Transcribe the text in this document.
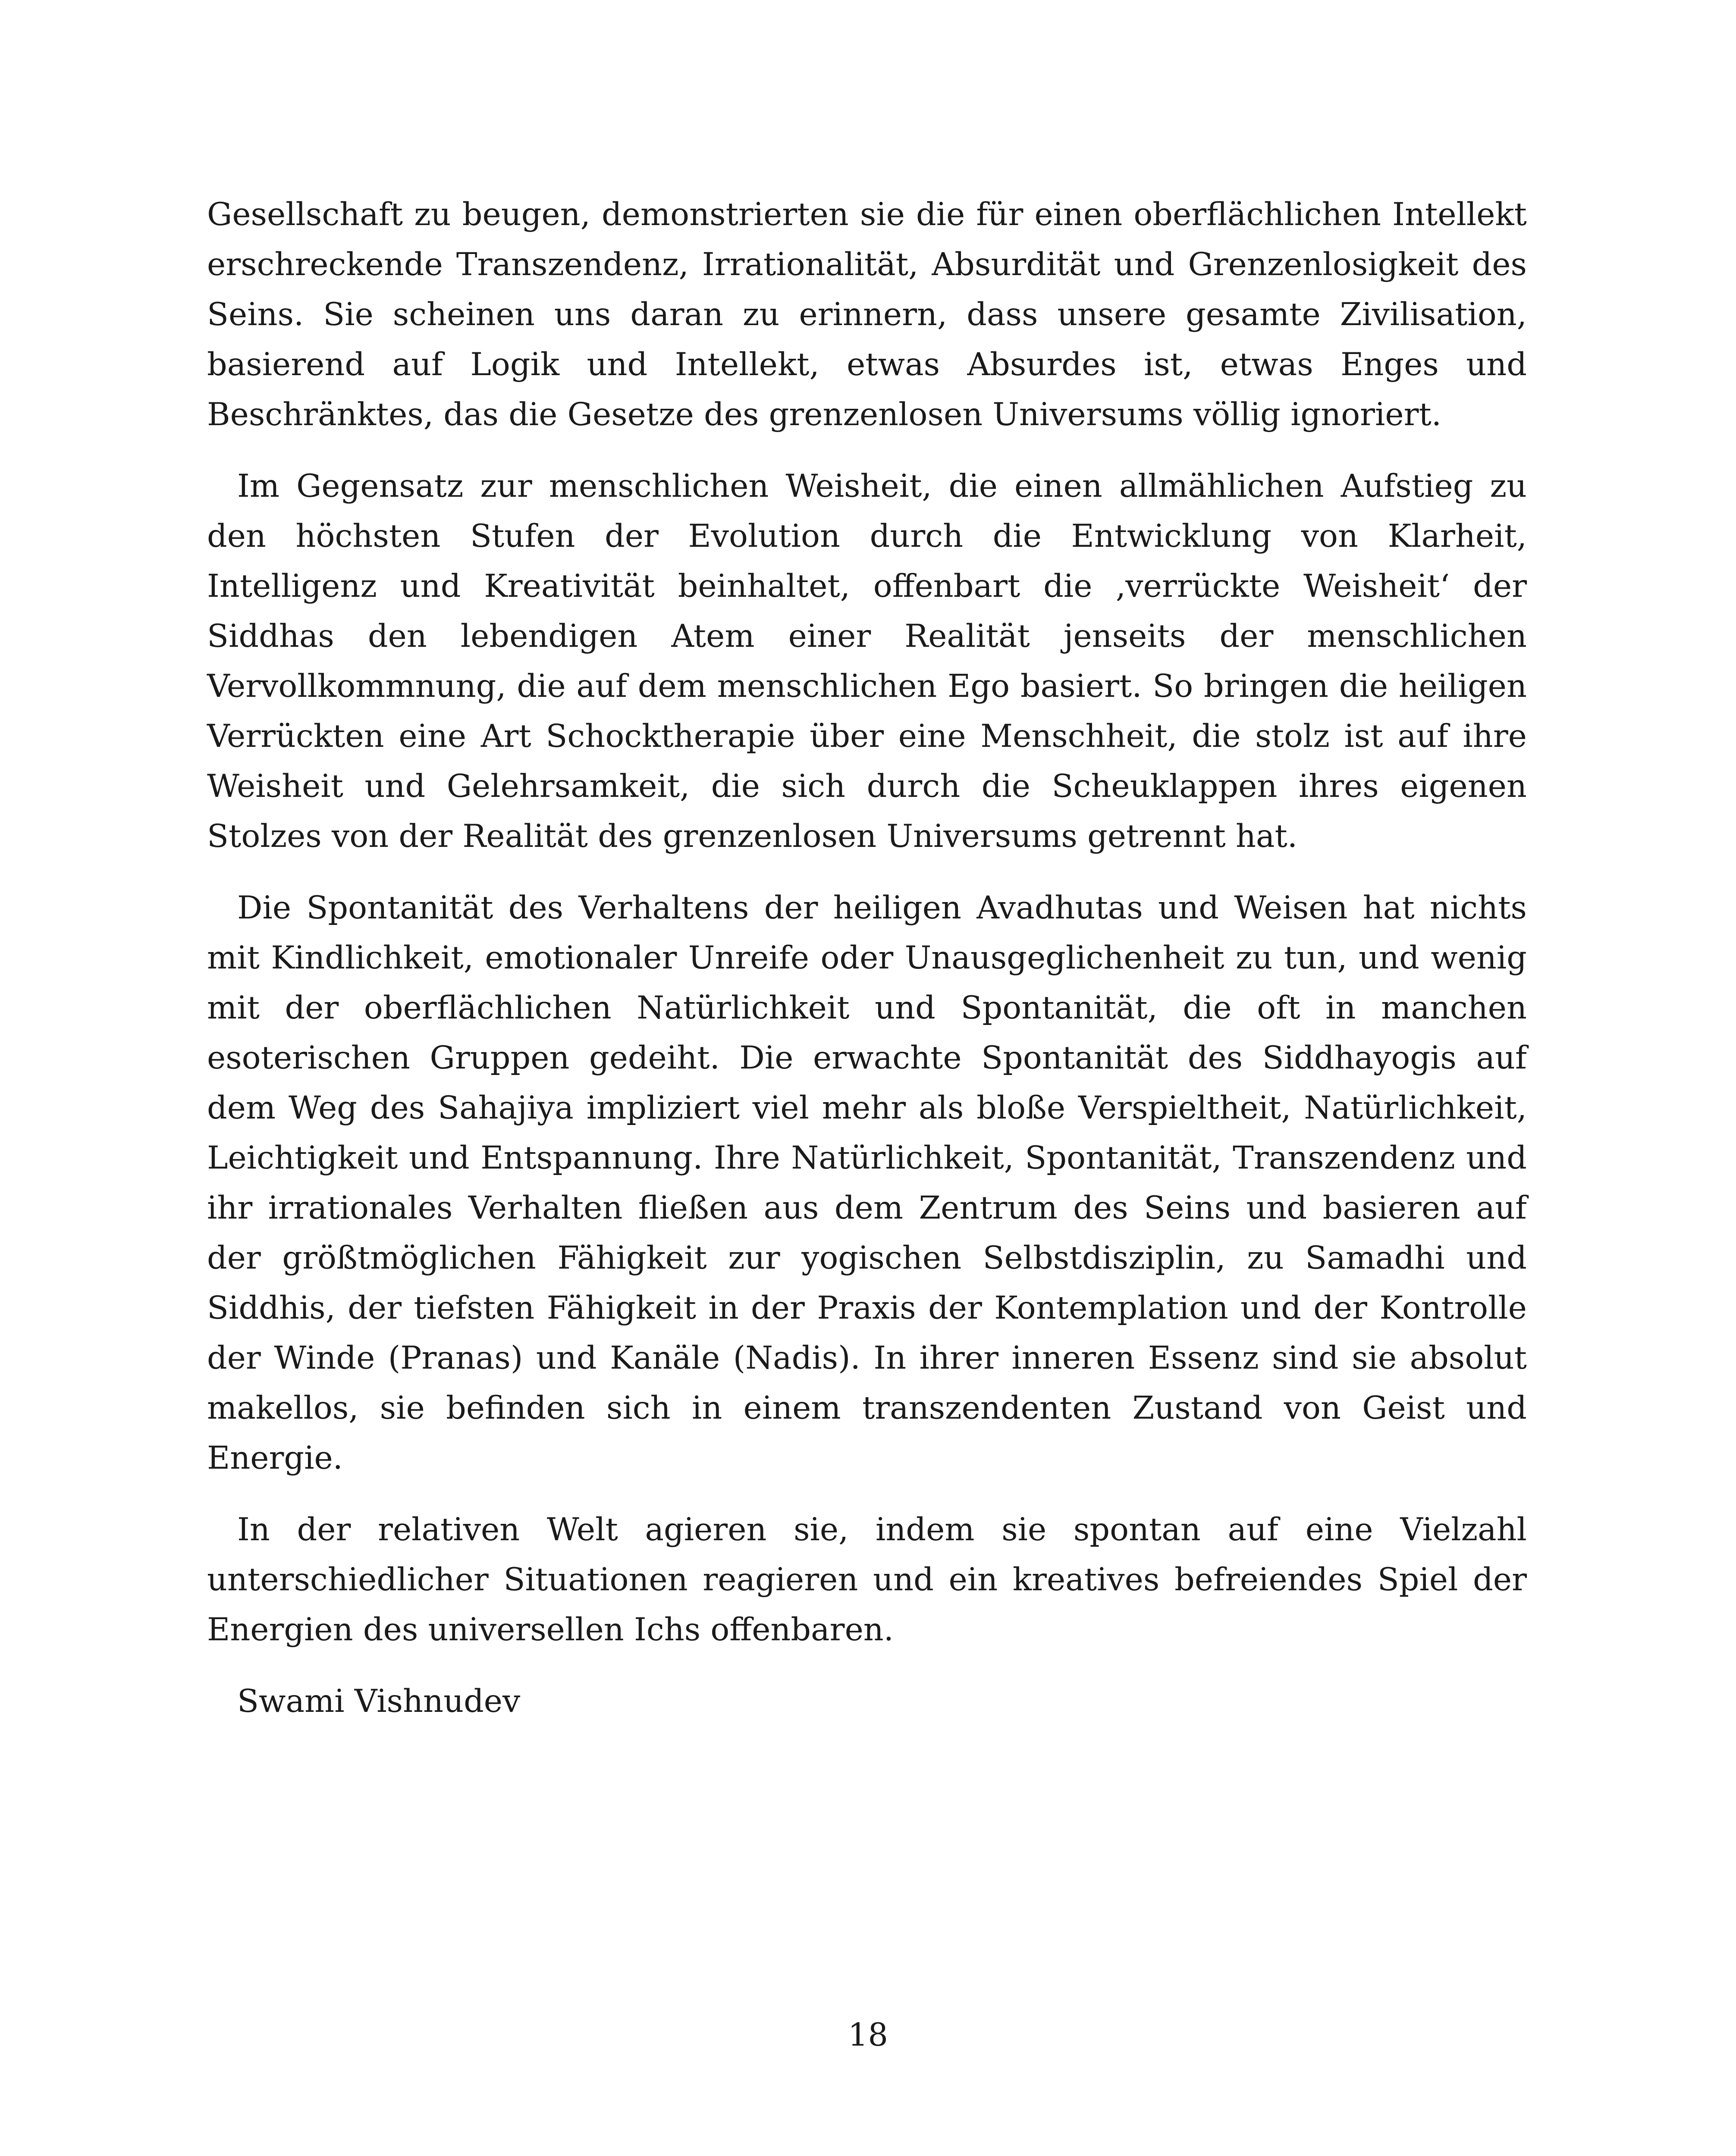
Gesellschaft zu beugen, demonstrierten sie die für einen oberflächlichen Intellekt erschreckende Transzendenz, Irrationalität, Absurdität und Grenzenlosigkeit des Seins. Sie scheinen uns daran zu erinnern, dass unsere gesamte Zivilisation, basierend auf Logik und Intellekt, etwas Absurdes ist, etwas Enges und Beschränktes, das die Gesetze des grenzenlosen Universums völlig ignoriert.

Im Gegensatz zur menschlichen Weisheit, die einen allmählichen Aufstieg zu den höchsten Stufen der Evolution durch die Entwicklung von Klarheit, Intelligenz und Kreativität beinhaltet, offenbart die ‚verrückte Weisheit‘ der Siddhas den lebendigen Atem einer Realität jenseits der menschlichen Vervollkommnung, die auf dem menschlichen Ego basiert. So bringen die heiligen Verrückten eine Art Schocktherapie über eine Menschheit, die stolz ist auf ihre Weisheit und Gelehrsamkeit, die sich durch die Scheuklappen ihres eigenen Stolzes von der Realität des grenzenlosen Universums getrennt hat.

Die Spontanität des Verhaltens der heiligen Avadhutas und Weisen hat nichts mit Kindlichkeit, emotionaler Unreife oder Unausgeglichenheit zu tun, und wenig mit der oberflächlichen Natürlichkeit und Spontanität, die oft in manchen esoterischen Gruppen gedeiht. Die erwachte Spontanität des Siddhayogis auf dem Weg des Sahajiya impliziert viel mehr als bloße Verspieltheit, Natürlichkeit, Leichtigkeit und Entspannung. Ihre Natürlichkeit, Spontanität, Transzendenz und ihr irrationales Verhalten fließen aus dem Zentrum des Seins und basieren auf der größtmöglichen Fähigkeit zur yogischen Selbstdisziplin, zu Samadhi und Siddhis, der tiefsten Fähigkeit in der Praxis der Kontemplation und der Kontrolle der Winde (Pranas) und Kanäle (Nadis). In ihrer inneren Essenz sind sie absolut makellos, sie befinden sich in einem transzendenten Zustand von Geist und Energie.

In der relativen Welt agieren sie, indem sie spontan auf eine Vielzahl unterschiedlicher Situationen reagieren und ein kreatives befreiendes Spiel der Energien des universellen Ichs offenbaren.

Swami Vishnudev

18
